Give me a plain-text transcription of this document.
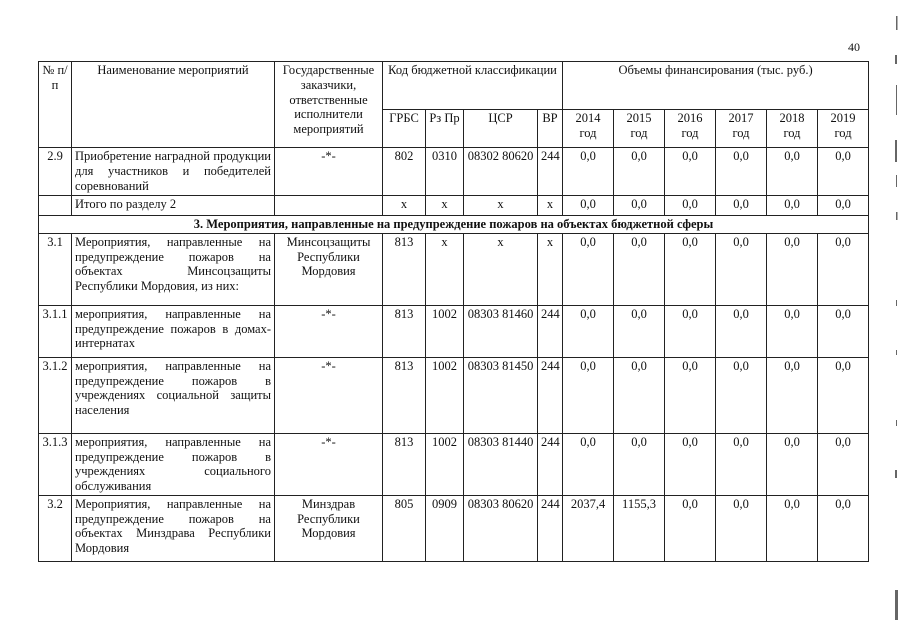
40
№ п/п	Наименование мероприятий	Государственные заказчики, ответственные исполнители мероприятий	Код бюджетной классификации				Объемы финансирования (тыс. руб.)					
			ГРБС	Рз Пр	ЦСР	ВР	2014 год	2015 год	2016 год	2017 год	2018 год	2019 год
2.9	Приобретение наградной продукции для участников и победителей соревнований	-*-	802	0310	08302 80620	244	0,0	0,0	0,0	0,0	0,0	0,0
	Итого по разделу 2		х	х	х	х	0,0	0,0	0,0	0,0	0,0	0,0
3. Мероприятия, направленные на предупреждение пожаров на объектах бюджетной сферы												
3.1	Мероприятия, направленные на предупреждение пожаров на объектах Минсоцзащиты Республики Мордовия, из них:	Минсоцзащиты Республики Мордовия	813	х	х	х	0,0	0,0	0,0	0,0	0,0	0,0
3.1.1	мероприятия, направленные на предупреждение пожаров в домах-интернатах	-*-	813	1002	08303 81460	244	0,0	0,0	0,0	0,0	0,0	0,0
3.1.2	мероприятия, направленные на предупреждение пожаров в учреждениях социальной защиты населения	-*-	813	1002	08303 81450	244	0,0	0,0	0,0	0,0	0,0	0,0
3.1.3	мероприятия, направленные на предупреждение пожаров в учреждениях социального обслуживания	-*-	813	1002	08303 81440	244	0,0	0,0	0,0	0,0	0,0	0,0
3.2	Мероприятия, направленные на предупреждение пожаров на объектах Минздрава Республики Мордовия	Минздрав Республики Мордовия	805	0909	08303 80620	244	2037,4	1155,3	0,0	0,0	0,0	0,0
